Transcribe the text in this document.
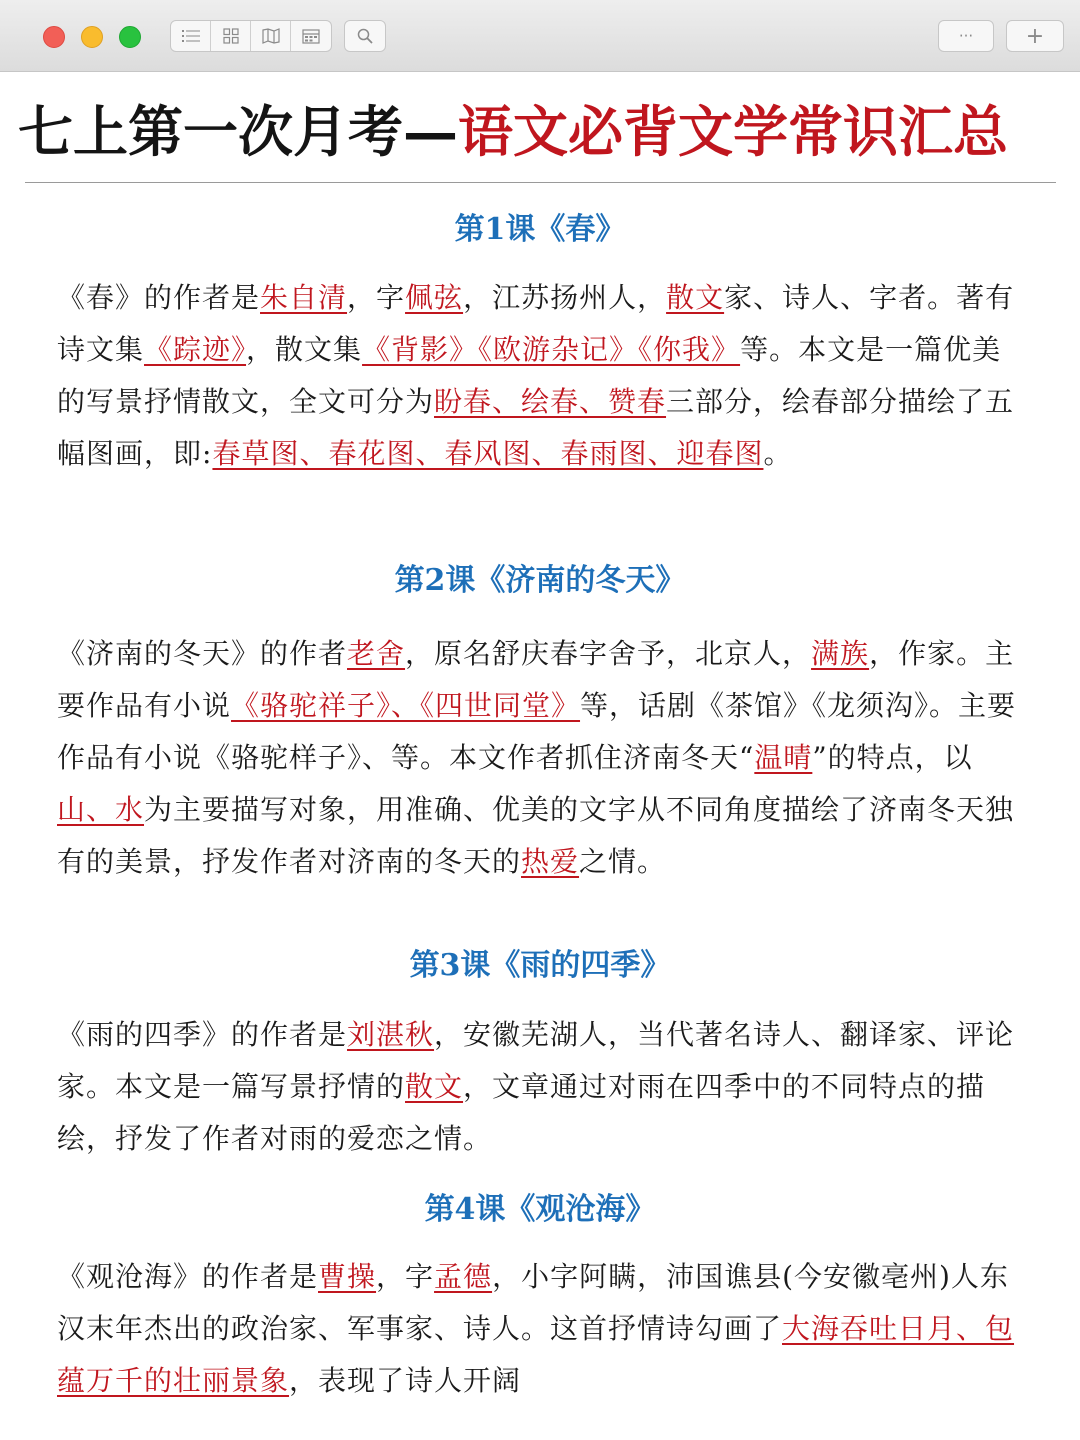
···	+
七上第一次月考—语文必背文学常识汇总
第1课《春》
《春》的作者是朱自清，字佩弦，江苏扬州人，散文家、诗人、字者。著有诗文集《踪迹》，散文集《背影》《欧游杂记》《你我》等。本文是一篇优美的写景抒情散文，全文可分为盼春、绘春、赞春三部分，绘春部分描绘了五幅图画，即:春草图、春花图、春风图、春雨图、迎春图。
第2课《济南的冬天》
《济南的冬天》的作者老舍，原名舒庆春字舍予，北京人，满族，作家。主要作品有小说《骆驼祥子》、《四世同堂》等，话剧《茶馆》《龙须沟》。主要作品有小说《骆驼样子》、等。本文作者抓住济南冬天“温晴”的特点，以山、水为主要描写对象，用准确、优美的文字从不同角度描绘了济南冬天独有的美景，抒发作者对济南的冬天的热爱之情。
第3课《雨的四季》
《雨的四季》的作者是刘湛秋，安徽芜湖人，当代著名诗人、翻译家、评论家。本文是一篇写景抒情的散文，文章通过对雨在四季中的不同特点的描绘，抒发了作者对雨的爱恋之情。
第4课《观沧海》
《观沧海》的作者是曹操，字孟德，小字阿瞒，沛国谯县(今安徽亳州)人东汉末年杰出的政治家、军事家、诗人。这首抒情诗勾画了大海吞吐日月、包蕴万千的壮丽景象，表现了诗人开阔
